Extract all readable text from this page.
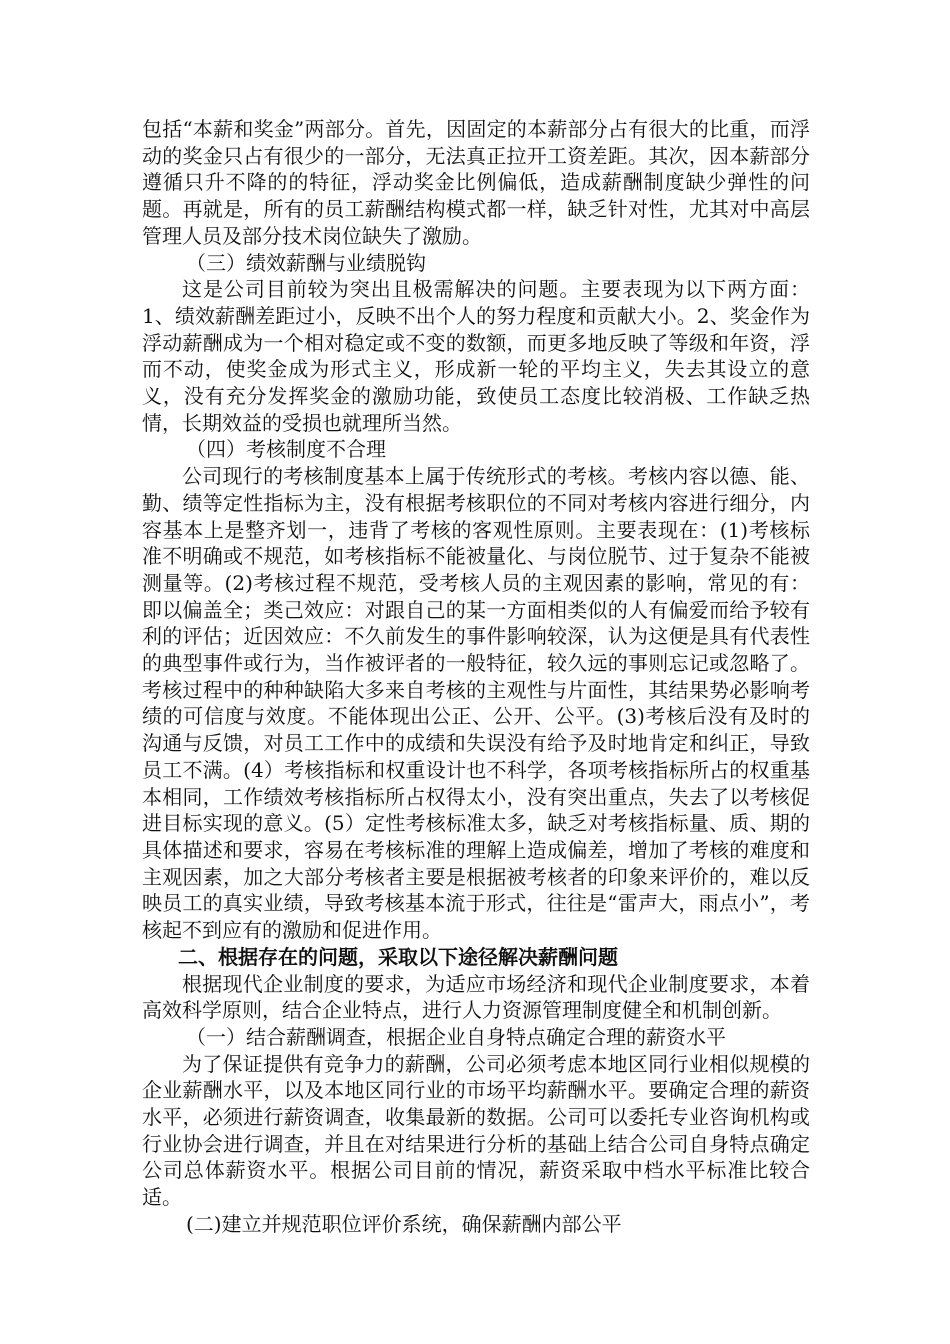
包括“本薪和奖金”两部分。首先，因固定的本薪部分占有很大的比重，而浮动的奖金只占有很少的一部分，无法真正拉开工资差距。其次，因本薪部分遵循只升不降的的特征，浮动奖金比例偏低，造成薪酬制度缺少弹性的问题。再就是，所有的员工薪酬结构模式都一样，缺乏针对性，尤其对中高层管理人员及部分技术岗位缺失了激励。

（三）绩效薪酬与业绩脱钩

这是公司目前较为突出且极需解决的问题。主要表现为以下两方面：1、绩效薪酬差距过小，反映不出个人的努力程度和贡献大小。2、奖金作为浮动薪酬成为一个相对稳定或不变的数额，而更多地反映了等级和年资，浮而不动，使奖金成为形式主义，形成新一轮的平均主义，失去其设立的意义，没有充分发挥奖金的激励功能，致使员工态度比较消极、工作缺乏热情，长期效益的受损也就理所当然。

（四）考核制度不合理

公司现行的考核制度基本上属于传统形式的考核。考核内容以德、能、勤、绩等定性指标为主，没有根据考核职位的不同对考核内容进行细分，内容基本上是整齐划一，违背了考核的客观性原则。主要表现在：(1)考核标准不明确或不规范，如考核指标不能被量化、与岗位脱节、过于复杂不能被测量等。(2)考核过程不规范，受考核人员的主观因素的影响，常见的有：即以偏盖全；类己效应：对跟自己的某一方面相类似的人有偏爱而给予较有利的评估；近因效应：不久前发生的事件影响较深，认为这便是具有代表性的典型事件或行为，当作被评者的一般特征，较久远的事则忘记或忽略了。考核过程中的种种缺陷大多来自考核的主观性与片面性，其结果势必影响考绩的可信度与效度。不能体现出公正、公开、公平。(3)考核后没有及时的沟通与反馈，对员工工作中的成绩和失误没有给予及时地肯定和纠正，导致员工不满。(4）考核指标和权重设计也不科学，各项考核指标所占的权重基本相同，工作绩效考核指标所占权得太小，没有突出重点，失去了以考核促进目标实现的意义。(5）定性考核标准太多，缺乏对考核指标量、质、期的具体描述和要求，容易在考核标准的理解上造成偏差，增加了考核的难度和主观因素，加之大部分考核者主要是根据被考核者的印象来评价的，难以反映员工的真实业绩，导致考核基本流于形式，往往是“雷声大，雨点小”，考核起不到应有的激励和促进作用。

二、根据存在的问题，采取以下途径解决薪酬问题

根据现代企业制度的要求，为适应市场经济和现代企业制度要求，本着高效科学原则，结合企业特点，进行人力资源管理制度健全和机制创新。

（一）结合薪酬调查，根据企业自身特点确定合理的薪资水平

为了保证提供有竞争力的薪酬，公司必须考虑本地区同行业相似规模的企业薪酬水平，以及本地区同行业的市场平均薪酬水平。要确定合理的薪资水平，必须进行薪资调查，收集最新的数据。公司可以委托专业咨询机构或行业协会进行调查，并且在对结果进行分析的基础上结合公司自身特点确定公司总体薪资水平。根据公司目前的情况，薪资采取中档水平标准比较合适。

(二)建立并规范职位评价系统，确保薪酬内部公平
